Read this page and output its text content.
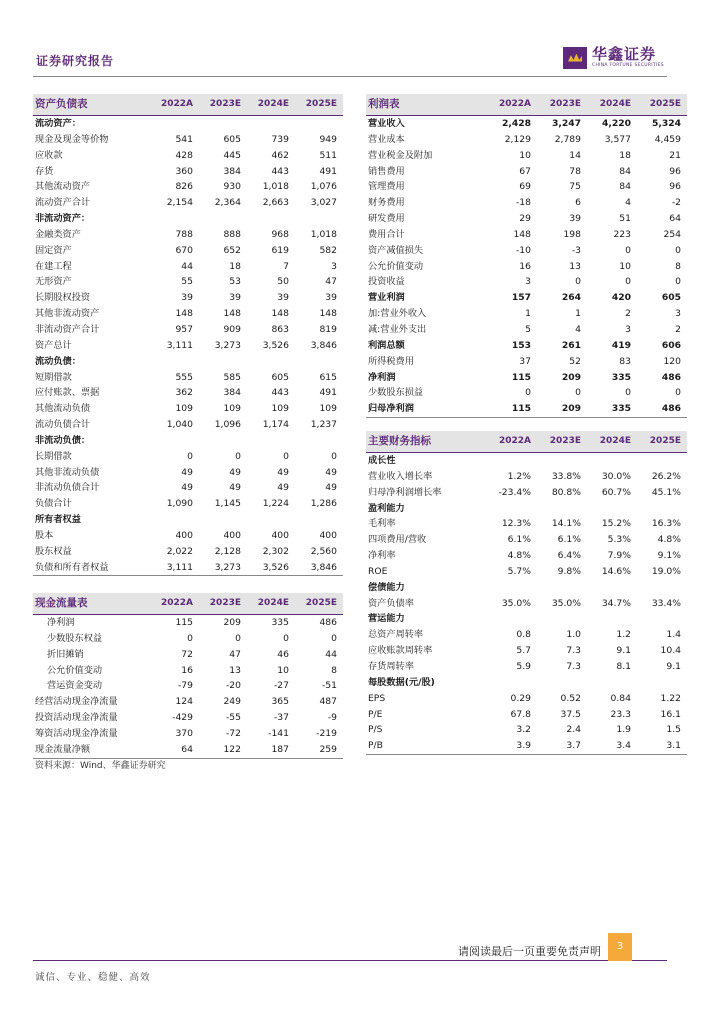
证券研究报告	华鑫证券
CHINA FORTUNE SECURITIES
资产负债表	2022A	2023E	2024E	2025E
流动资产：				
现金及现金等价物	541	605	739	949
应收款	428	445	462	511
存货	360	384	443	491
其他流动资产	826	930	1,018	1,076
流动资产合计	2,154	2,364	2,663	3,027
非流动资产：				
金融类资产	788	888	968	1,018
固定资产	670	652	619	582
在建工程	44	18	7	3
无形资产	55	53	50	47
长期股权投资	39	39	39	39
其他非流动资产	148	148	148	148
非流动资产合计	957	909	863	819
资产总计	3,111	3,273	3,526	3,846
流动负债：				
短期借款	555	585	605	615
应付账款、票据	362	384	443	491
其他流动负债	109	109	109	109
流动负债合计	1,040	1,096	1,174	1,237
非流动负债：				
长期借款	0	0	0	0
其他非流动负债	49	49	49	49
非流动负债合计	49	49	49	49
负债合计	1,090	1,145	1,224	1,286
所有者权益				
股本	400	400	400	400
股东权益	2,022	2,128	2,302	2,560
负债和所有者权益	3,111	3,273	3,526	3,846
现金流量表	2022A	2023E	2024E	2025E
净利润	115	209	335	486
少数股东权益	0	0	0	0
折旧摊销	72	47	46	44
公允价值变动	16	13	10	8
营运资金变动	-79	-20	-27	-51
经营活动现金净流量	124	249	365	487
投资活动现金净流量	-429	-55	-37	-9
筹资活动现金净流量	370	-72	-141	-219
现金流量净额	64	122	187	259
利润表	2022A	2023E	2024E	2025E
营业收入	2,428	3,247	4,220	5,324
营业成本	2,129	2,789	3,577	4,459
营业税金及附加	10	14	18	21
销售费用	67	78	84	96
管理费用	69	75	84	96
财务费用	-18	6	4	-2
研发费用	29	39	51	64
费用合计	148	198	223	254
资产减值损失	-10	-3	0	0
公允价值变动	16	13	10	8
投资收益	3	0	0	0
营业利润	157	264	420	605
加:营业外收入	1	1	2	3
减:营业外支出	5	4	3	2
利润总额	153	261	419	606
所得税费用	37	52	83	120
净利润	115	209	335	486
少数股东损益	0	0	0	0
归母净利润	115	209	335	486
主要财务指标	2022A	2023E	2024E	2025E
成长性				
营业收入增长率	1.2%	33.8%	30.0%	26.2%
归母净利润增长率	-23.4%	80.8%	60.7%	45.1%
盈利能力				
毛利率	12.3%	14.1%	15.2%	16.3%
四项费用/营收	6.1%	6.1%	5.3%	4.8%
净利率	4.8%	6.4%	7.9%	9.1%
ROE	5.7%	9.8%	14.6%	19.0%
偿债能力				
资产负债率	35.0%	35.0%	34.7%	33.4%
营运能力				
总资产周转率	0.8	1.0	1.2	1.4
应收账款周转率	5.7	7.3	9.1	10.4
存货周转率	5.9	7.3	8.1	9.1
每股数据(元/股)				
EPS	0.29	0.52	0.84	1.22
P/E	67.8	37.5	23.3	16.1
P/S	3.2	2.4	1.9	1.5
P/B	3.9	3.7	3.4	3.1
资料来源：Wind、华鑫证券研究
请阅读最后一页重要免责声明	3
诚信、专业、稳健、高效
